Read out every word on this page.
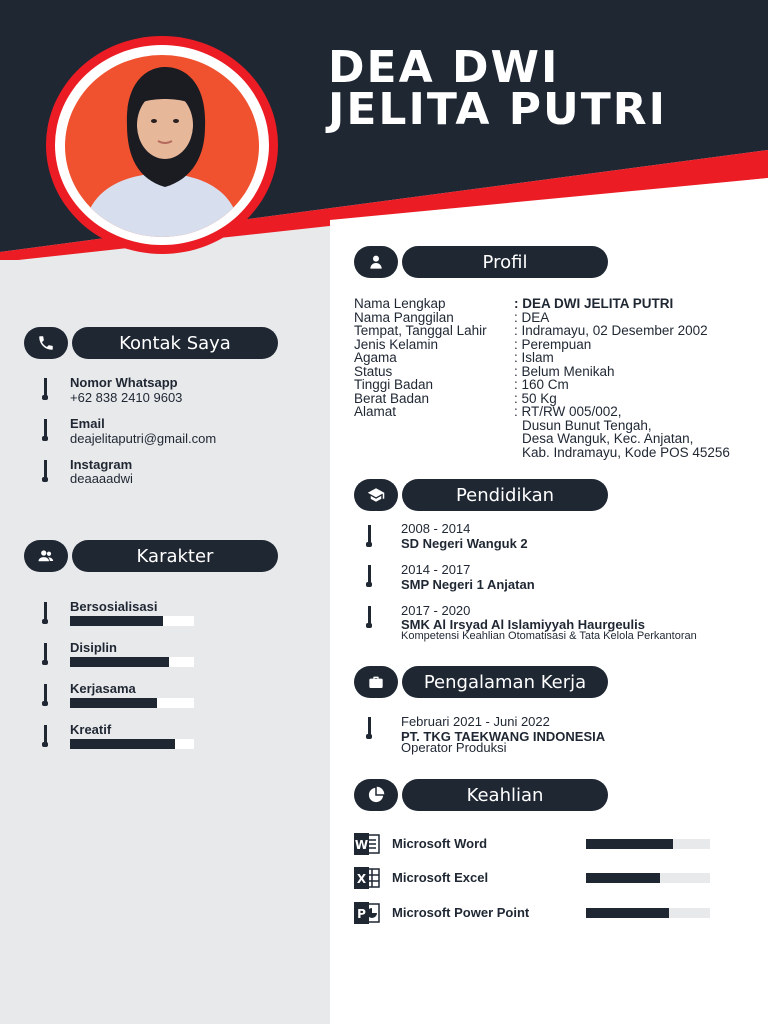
DEA DWI
JELITA PUTRI
Kontak Saya
Nomor Whatsapp
+62 838 2410 9603
Email
deajelitaputri@gmail.com
Instagram
deaaaadwi
Karakter
Bersosialisasi
Disiplin
Kerjasama
Kreatif
Profil
Nama Lengkap	: DEA DWI JELITA PUTRI
Nama Panggilan	: DEA
Tempat, Tanggal Lahir	: Indramayu, 02 Desember 2002
Jenis Kelamin	: Perempuan
Agama	: Islam
Status	: Belum Menikah
Tinggi Badan	: 160 Cm
Berat Badan	: 50 Kg
Alamat	: RT/RW 005/002,
Dusun Bunut Tengah,
Desa Wanguk, Kec. Anjatan,
Kab. Indramayu, Kode POS 45256
Pendidikan
2008 - 2014
SD Negeri Wanguk 2
2014 - 2017
SMP Negeri 1 Anjatan
2017 - 2020
SMK Al Irsyad Al Islamiyyah Haurgeulis
Kompetensi Keahlian Otomatisasi & Tata Kelola Perkantoran
Pengalaman Kerja
Februari 2021 - Juni 2022
PT. TKG TAEKWANG INDONESIA
Operator Produksi
Keahlian
W Microsoft Word
X Microsoft Excel
P Microsoft Power Point
